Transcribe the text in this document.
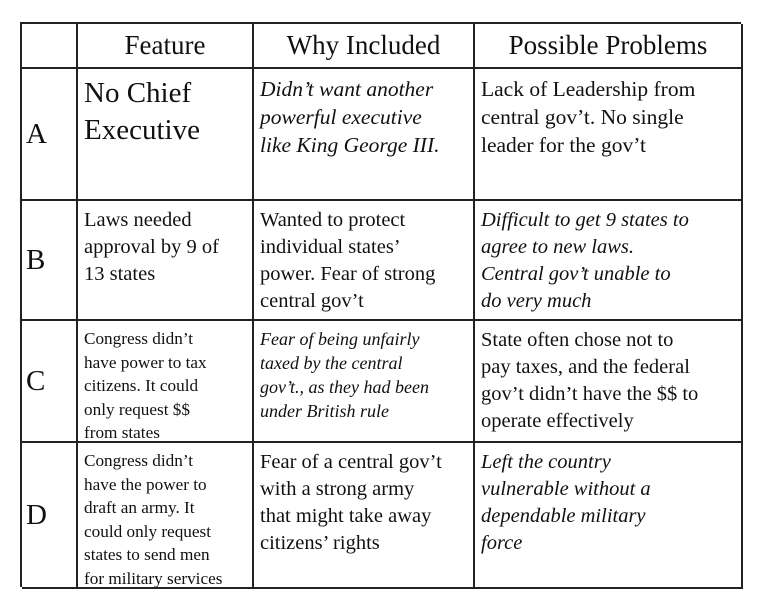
Feature	Why Included	Possible Problems
A
No Chief
Executive
Didn’t want another
powerful executive
like King George III.
Lack of Leadership from
central gov’t. No single
leader for the gov’t
B
Laws needed
approval by 9 of
13 states
Wanted to protect
individual states’
power. Fear of strong
central gov’t
Difficult to get 9 states to
agree to new laws.
Central gov’t unable to
do very much
C
Congress didn’t
have power to tax
citizens. It could
only request $$
from states
Fear of being unfairly
taxed by the central
gov’t., as they had been
under British rule
State often chose not to
pay taxes, and the federal
gov’t didn’t have the $$ to
operate effectively
D
Congress didn’t
have the power to
draft an army. It
could only request
states to send men
for military services
Fear of a central gov’t
with a strong army
that might take away
citizens’ rights
Left the country
vulnerable without a
dependable military
force
